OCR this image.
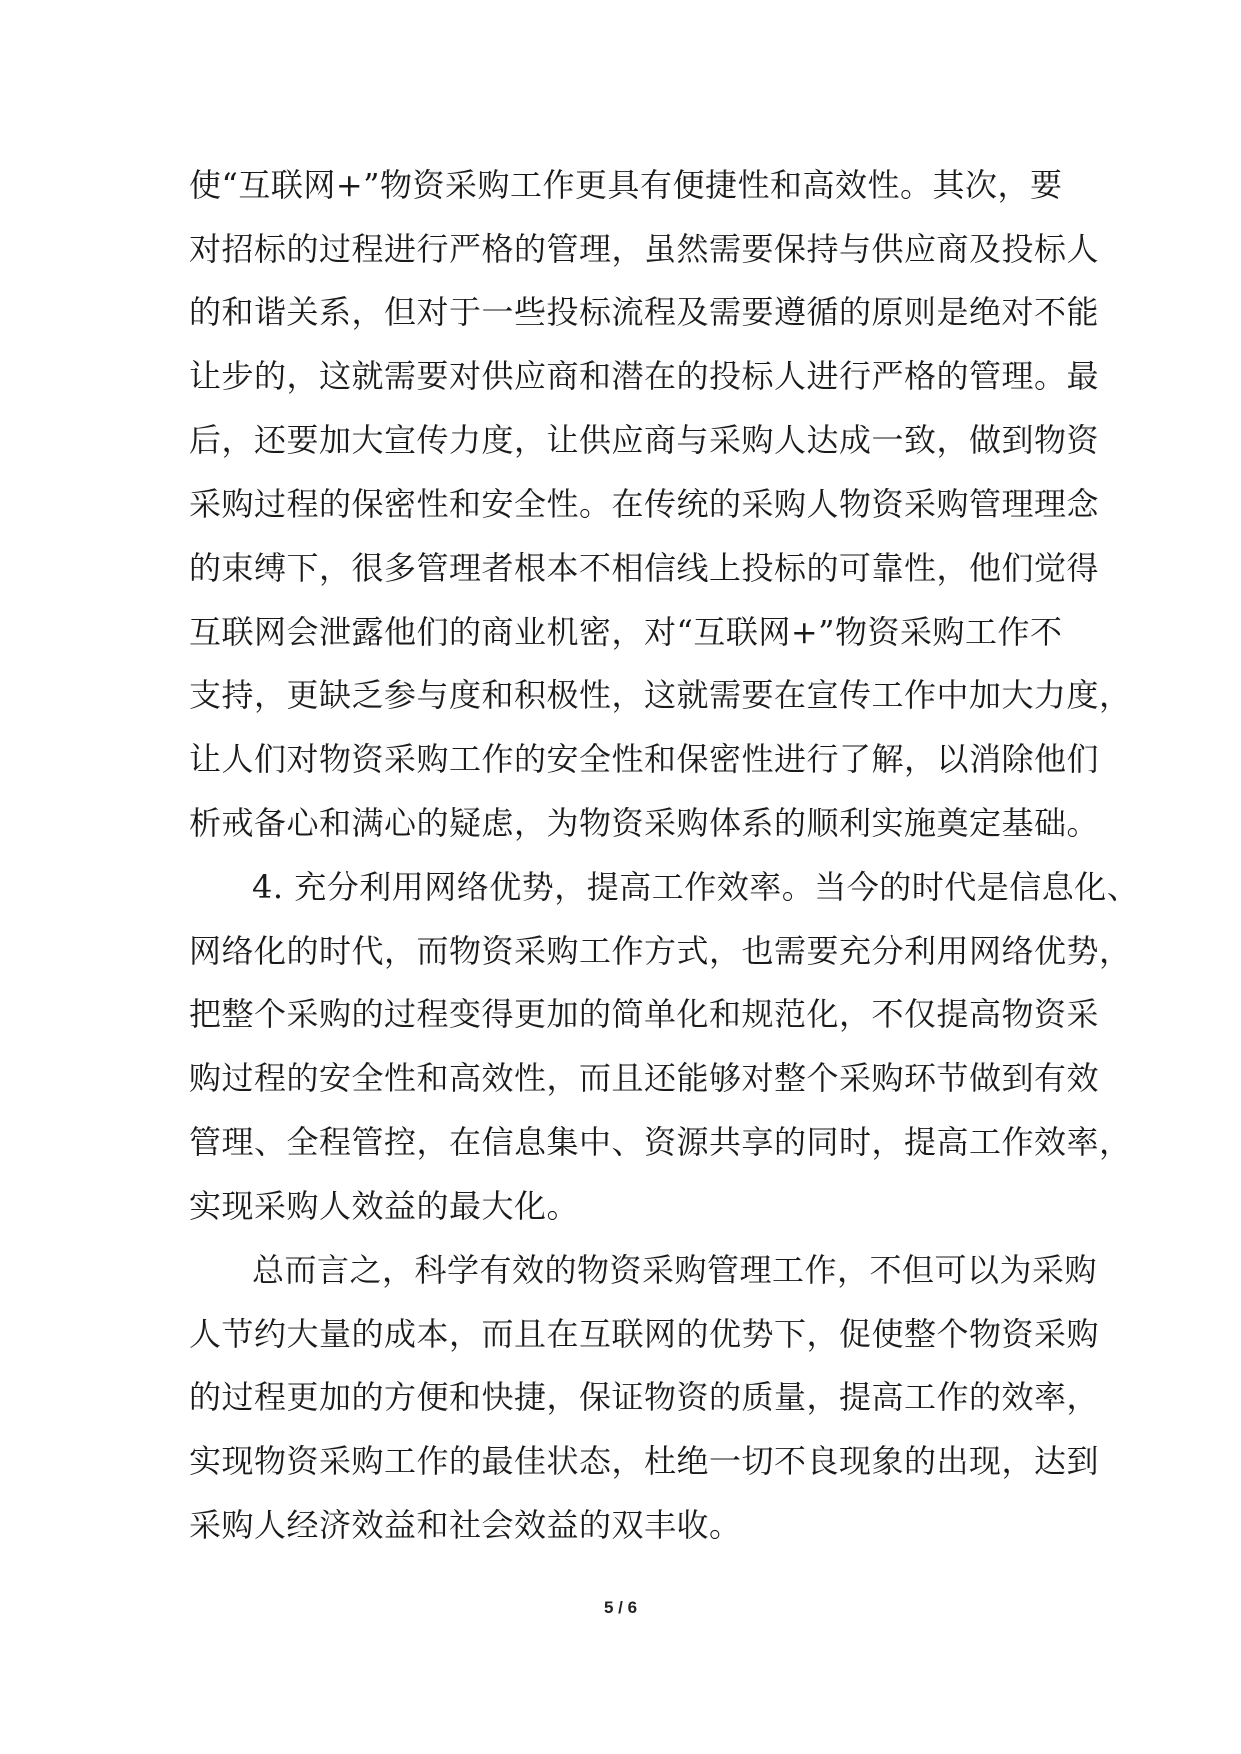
使“互联网+”物资采购工作更具有便捷性和高效性。其次，要
对招标的过程进行严格的管理，虽然需要保持与供应商及投标人
的和谐关系，但对于一些投标流程及需要遵循的原则是绝对不能
让步的，这就需要对供应商和潜在的投标人进行严格的管理。最
后，还要加大宣传力度，让供应商与采购人达成一致，做到物资
采购过程的保密性和安全性。在传统的采购人物资采购管理理念
的束缚下，很多管理者根本不相信线上投标的可靠性，他们觉得
互联网会泄露他们的商业机密，对“互联网+”物资采购工作不
支持，更缺乏参与度和积极性，这就需要在宣传工作中加大力度，
让人们对物资采购工作的安全性和保密性进行了解，以消除他们
析戒备心和满心的疑虑，为物资采购体系的顺利实施奠定基础。
4. 充分利用网络优势，提高工作效率。当今的时代是信息化、
网络化的时代，而物资采购工作方式，也需要充分利用网络优势，
把整个采购的过程变得更加的简单化和规范化，不仅提高物资采
购过程的安全性和高效性，而且还能够对整个采购环节做到有效
管理、全程管控，在信息集中、资源共享的同时，提高工作效率，
实现采购人效益的最大化。
总而言之，科学有效的物资采购管理工作，不但可以为采购
人节约大量的成本，而且在互联网的优势下，促使整个物资采购
的过程更加的方便和快捷，保证物资的质量，提高工作的效率，
实现物资采购工作的最佳状态，杜绝一切不良现象的出现，达到
采购人经济效益和社会效益的双丰收。
5 / 6
